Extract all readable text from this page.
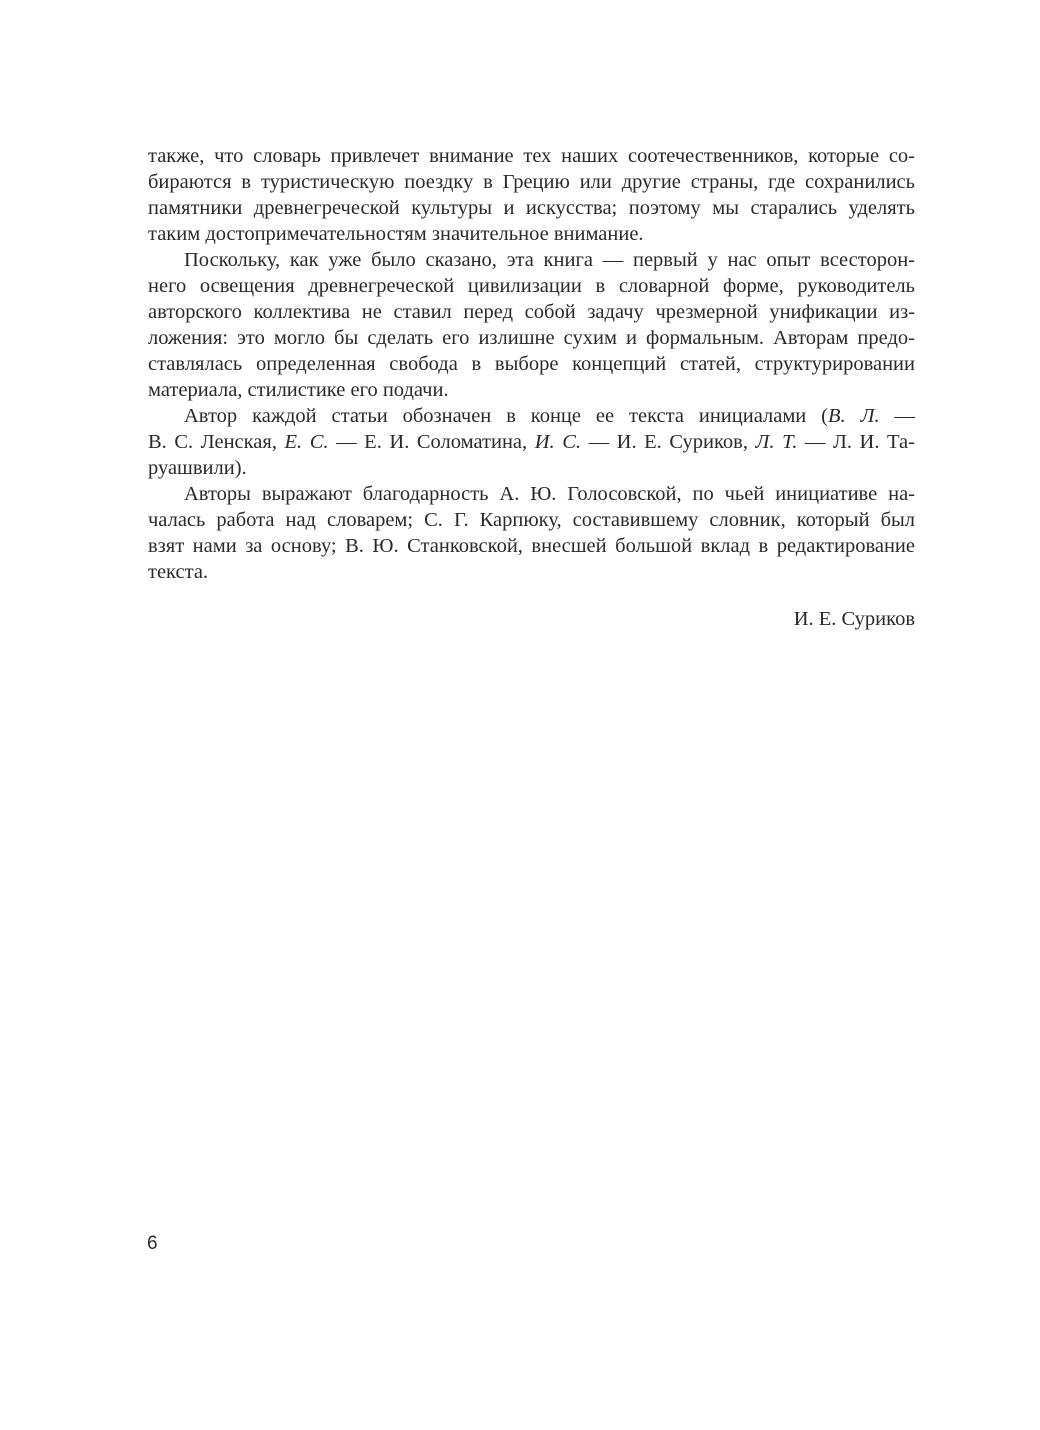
также, что словарь привлечет внимание тех наших соотечественников, которые со-
бираются в туристическую поездку в Грецию или другие страны, где сохранились
памятники древнегреческой культуры и искусства; поэтому мы старались уделять
таким достопримечательностям значительное внимание.
Поскольку, как уже было сказано, эта книга — первый у нас опыт всесторон-
него освещения древнегреческой цивилизации в словарной форме, руководитель
авторского коллектива не ставил перед собой задачу чрезмерной унификации из-
ложения: это могло бы сделать его излишне сухим и формальным. Авторам предо-
ставлялась определенная свобода в выборе концепций статей, структурировании
материала, стилистике его подачи.
Автор каждой статьи обозначен в конце ее текста инициалами (В. Л. —
В. С. Ленская, Е. С. — Е. И. Соломатина, И. С. — И. Е. Суриков, Л. Т. — Л. И. Та-
руашвили).
Авторы выражают благодарность А. Ю. Голосовской, по чьей инициативе на-
чалась работа над словарем; С. Г. Карпюку, составившему словник, который был
взят нами за основу; В. Ю. Станковской, внесшей большой вклад в редактирование
текста.
И. Е. Суриков
6
